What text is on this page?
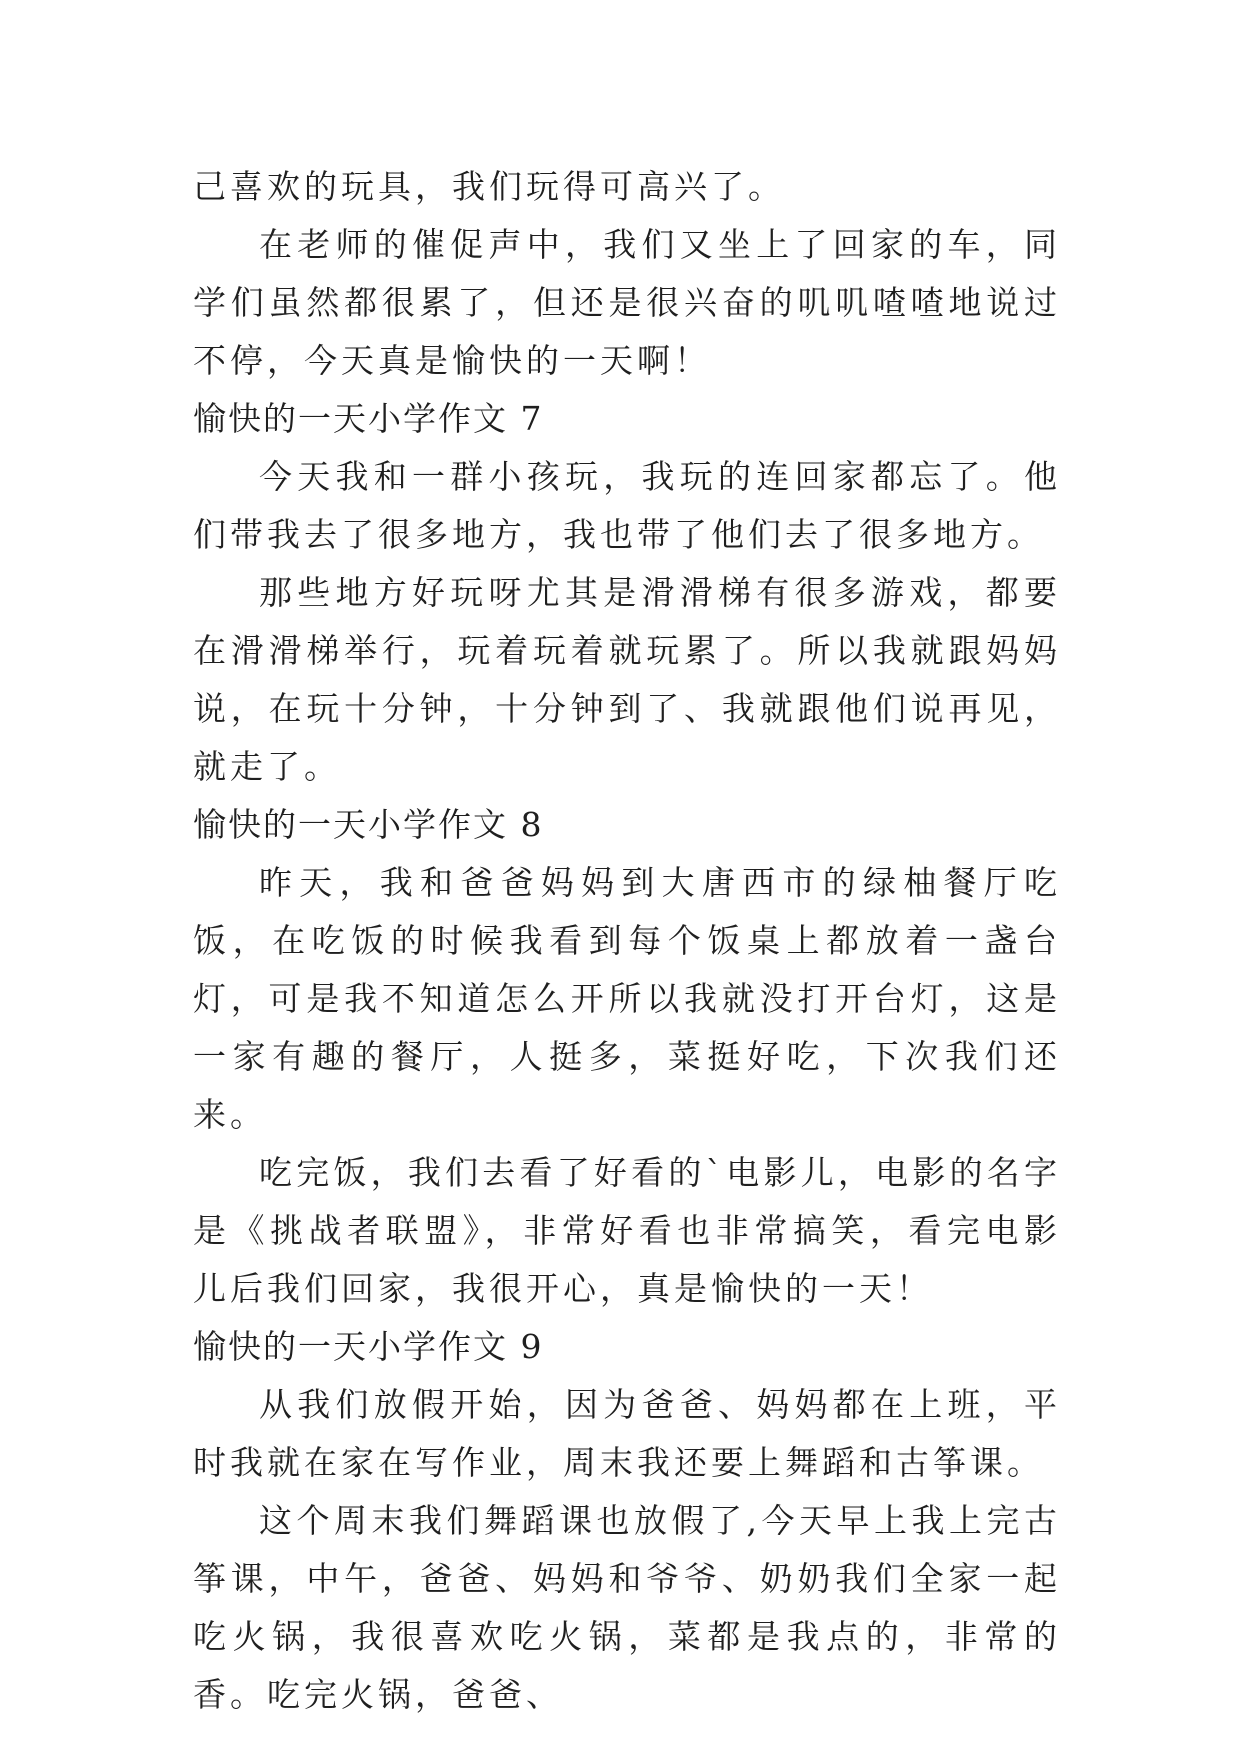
己喜欢的玩具，我们玩得可高兴了。

在老师的催促声中，我们又坐上了回家的车，同学们虽然都很累了，但还是很兴奋的叽叽喳喳地说过不停，今天真是愉快的一天啊！

愉快的一天小学作文 7

今天我和一群小孩玩，我玩的连回家都忘了。他们带我去了很多地方，我也带了他们去了很多地方。

那些地方好玩呀尤其是滑滑梯有很多游戏，都要在滑滑梯举行，玩着玩着就玩累了。所以我就跟妈妈说，在玩十分钟，十分钟到了、我就跟他们说再见，就走了。

愉快的一天小学作文 8

昨天，我和爸爸妈妈到大唐西市的绿柚餐厅吃饭，在吃饭的时候我看到每个饭桌上都放着一盏台灯，可是我不知道怎么开所以我就没打开台灯，这是一家有趣的餐厅，人挺多，菜挺好吃，下次我们还来。

吃完饭，我们去看了好看的`电影儿，电影的名字是《挑战者联盟》，非常好看也非常搞笑，看完电影儿后我们回家，我很开心，真是愉快的一天！

愉快的一天小学作文 9

从我们放假开始，因为爸爸、妈妈都在上班，平时我就在家在写作业，周末我还要上舞蹈和古筝课。

这个周末我们舞蹈课也放假了,今天早上我上完古筝课，中午，爸爸、妈妈和爷爷、奶奶我们全家一起吃火锅，我很喜欢吃火锅，菜都是我点的，非常的香。吃完火锅，爸爸、
